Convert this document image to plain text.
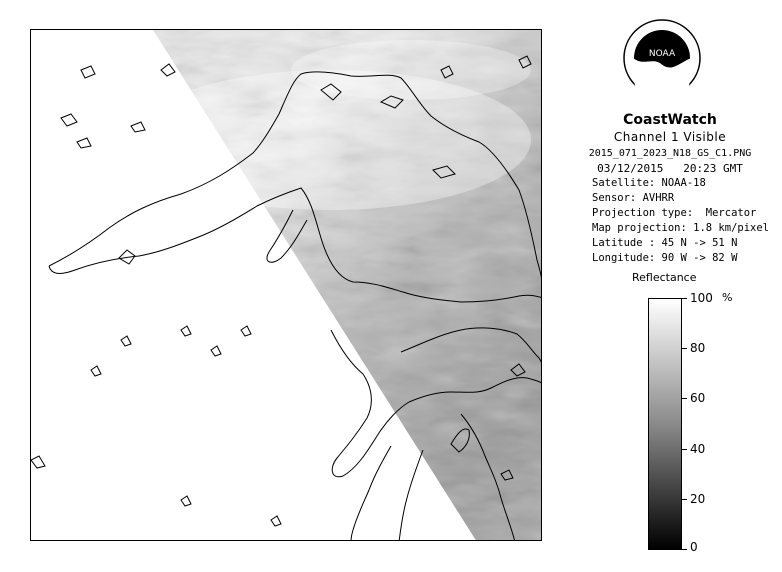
NOAA
CoastWatch
Channel 1 Visible
2015_071_2023_N18_GS_C1.PNG
03/12/2015 20:23 GMT
Satellite: NOAA-18
Sensor: AVHRR
Projection type:  Mercator
Map projection: 1.8 km/pixel
Latitude : 45 N -> 51 N
Longitude: 90 W -> 82 W
Reflectance
%
100
80
60
40
20
0
